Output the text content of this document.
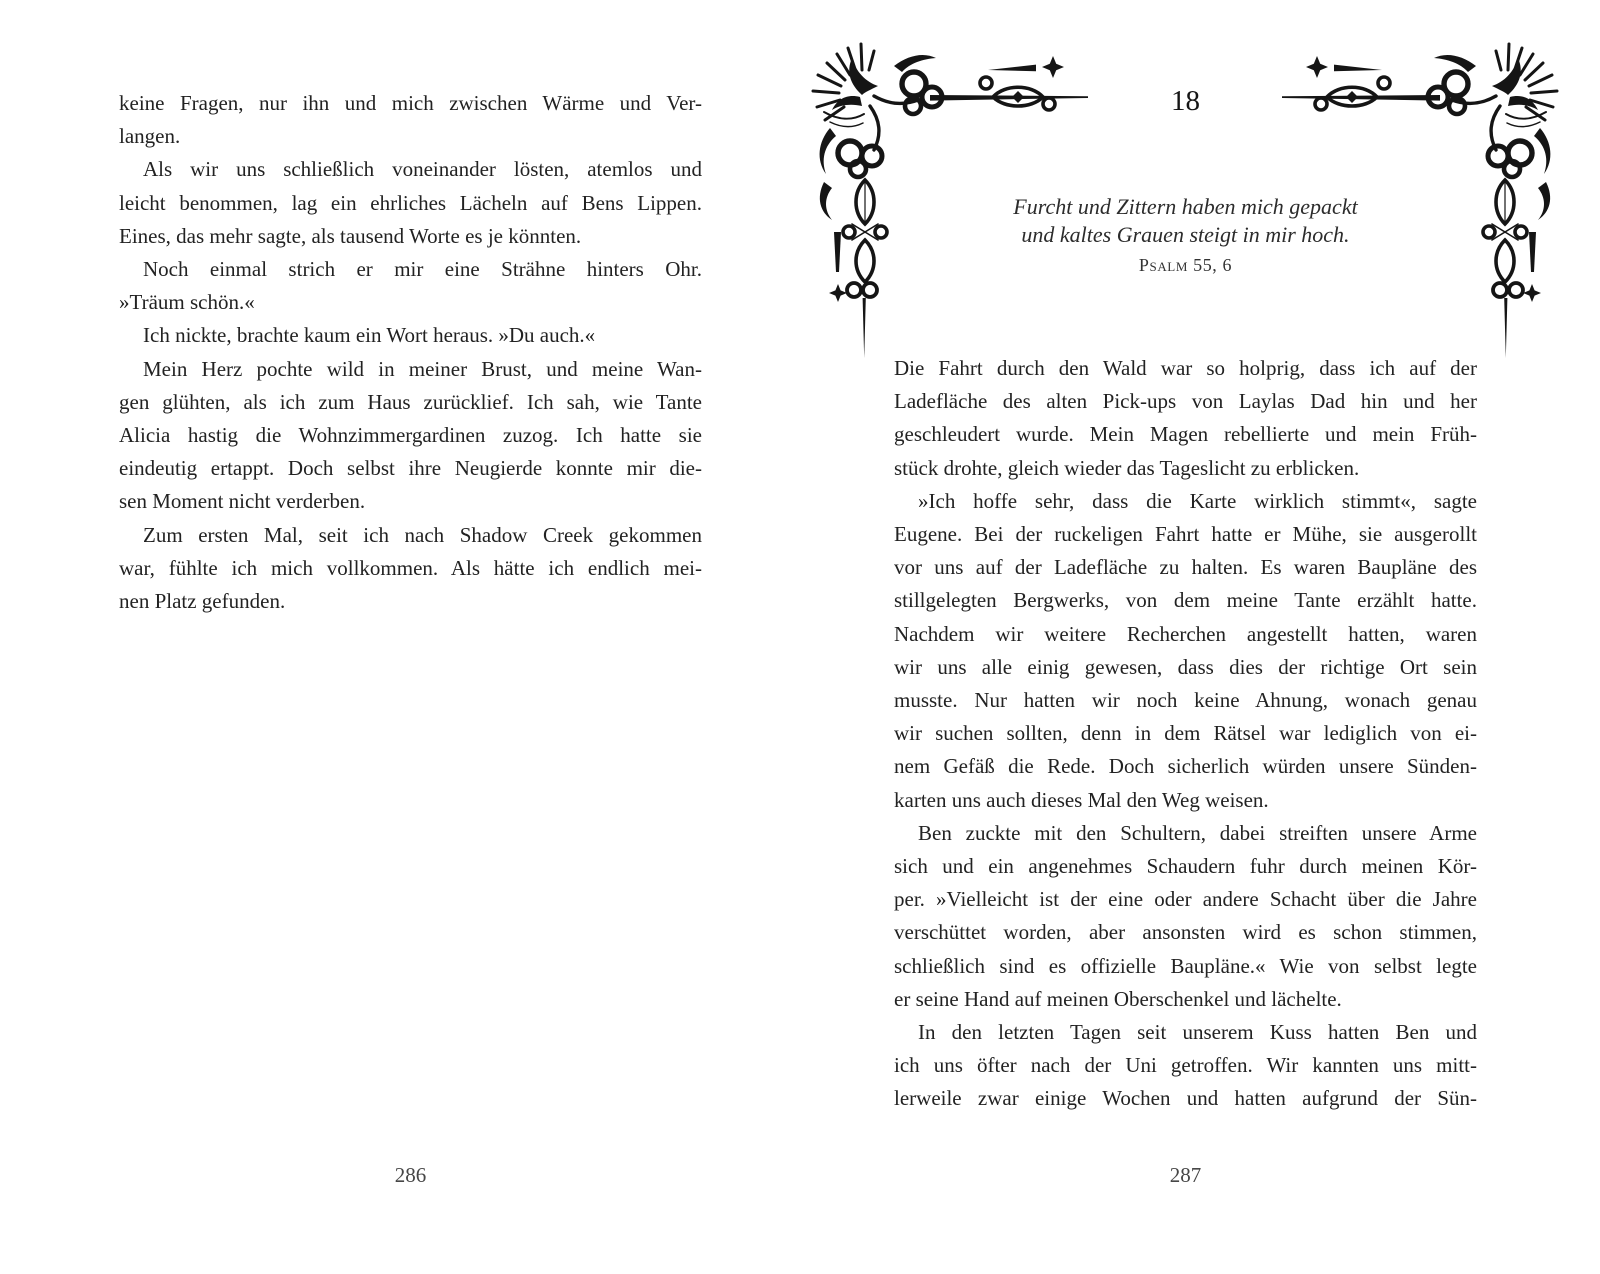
keine Fragen, nur ihn und mich zwischen Wärme und Ver-
langen.
Als wir uns schließlich voneinander lösten, atemlos und
leicht benommen, lag ein ehrliches Lächeln auf Bens Lippen.
Eines, das mehr sagte, als tausend Worte es je könnten.
Noch einmal strich er mir eine Strähne hinters Ohr.
»Träum schön.«
Ich nickte, brachte kaum ein Wort heraus. »Du auch.«
Mein Herz pochte wild in meiner Brust, und meine Wan-
gen glühten, als ich zum Haus zurücklief. Ich sah, wie Tante
Alicia hastig die Wohnzimmergardinen zuzog. Ich hatte sie
eindeutig ertappt. Doch selbst ihre Neugierde konnte mir die-
sen Moment nicht verderben.
Zum ersten Mal, seit ich nach Shadow Creek gekommen
war, fühlte ich mich vollkommen. Als hätte ich endlich mei-
nen Platz gefunden.
286
18
Furcht und Zittern haben mich gepackt
und kaltes Grauen steigt in mir hoch.
Psalm 55, 6
Die Fahrt durch den Wald war so holprig, dass ich auf der
Ladefläche des alten Pick-ups von Laylas Dad hin und her
geschleudert wurde. Mein Magen rebellierte und mein Früh-
stück drohte, gleich wieder das Tageslicht zu erblicken.
»Ich hoffe sehr, dass die Karte wirklich stimmt«, sagte
Eugene. Bei der ruckeligen Fahrt hatte er Mühe, sie ausgerollt
vor uns auf der Ladefläche zu halten. Es waren Baupläne des
stillgelegten Bergwerks, von dem meine Tante erzählt hatte.
Nachdem wir weitere Recherchen angestellt hatten, waren
wir uns alle einig gewesen, dass dies der richtige Ort sein
musste. Nur hatten wir noch keine Ahnung, wonach genau
wir suchen sollten, denn in dem Rätsel war lediglich von ei-
nem Gefäß die Rede. Doch sicherlich würden unsere Sünden-
karten uns auch dieses Mal den Weg weisen.
Ben zuckte mit den Schultern, dabei streiften unsere Arme
sich und ein angenehmes Schaudern fuhr durch meinen Kör-
per. »Vielleicht ist der eine oder andere Schacht über die Jahre
verschüttet worden, aber ansonsten wird es schon stimmen,
schließlich sind es offizielle Baupläne.« Wie von selbst legte
er seine Hand auf meinen Oberschenkel und lächelte.
In den letzten Tagen seit unserem Kuss hatten Ben und
ich uns öfter nach der Uni getroffen. Wir kannten uns mitt-
lerweile zwar einige Wochen und hatten aufgrund der Sün-
287
